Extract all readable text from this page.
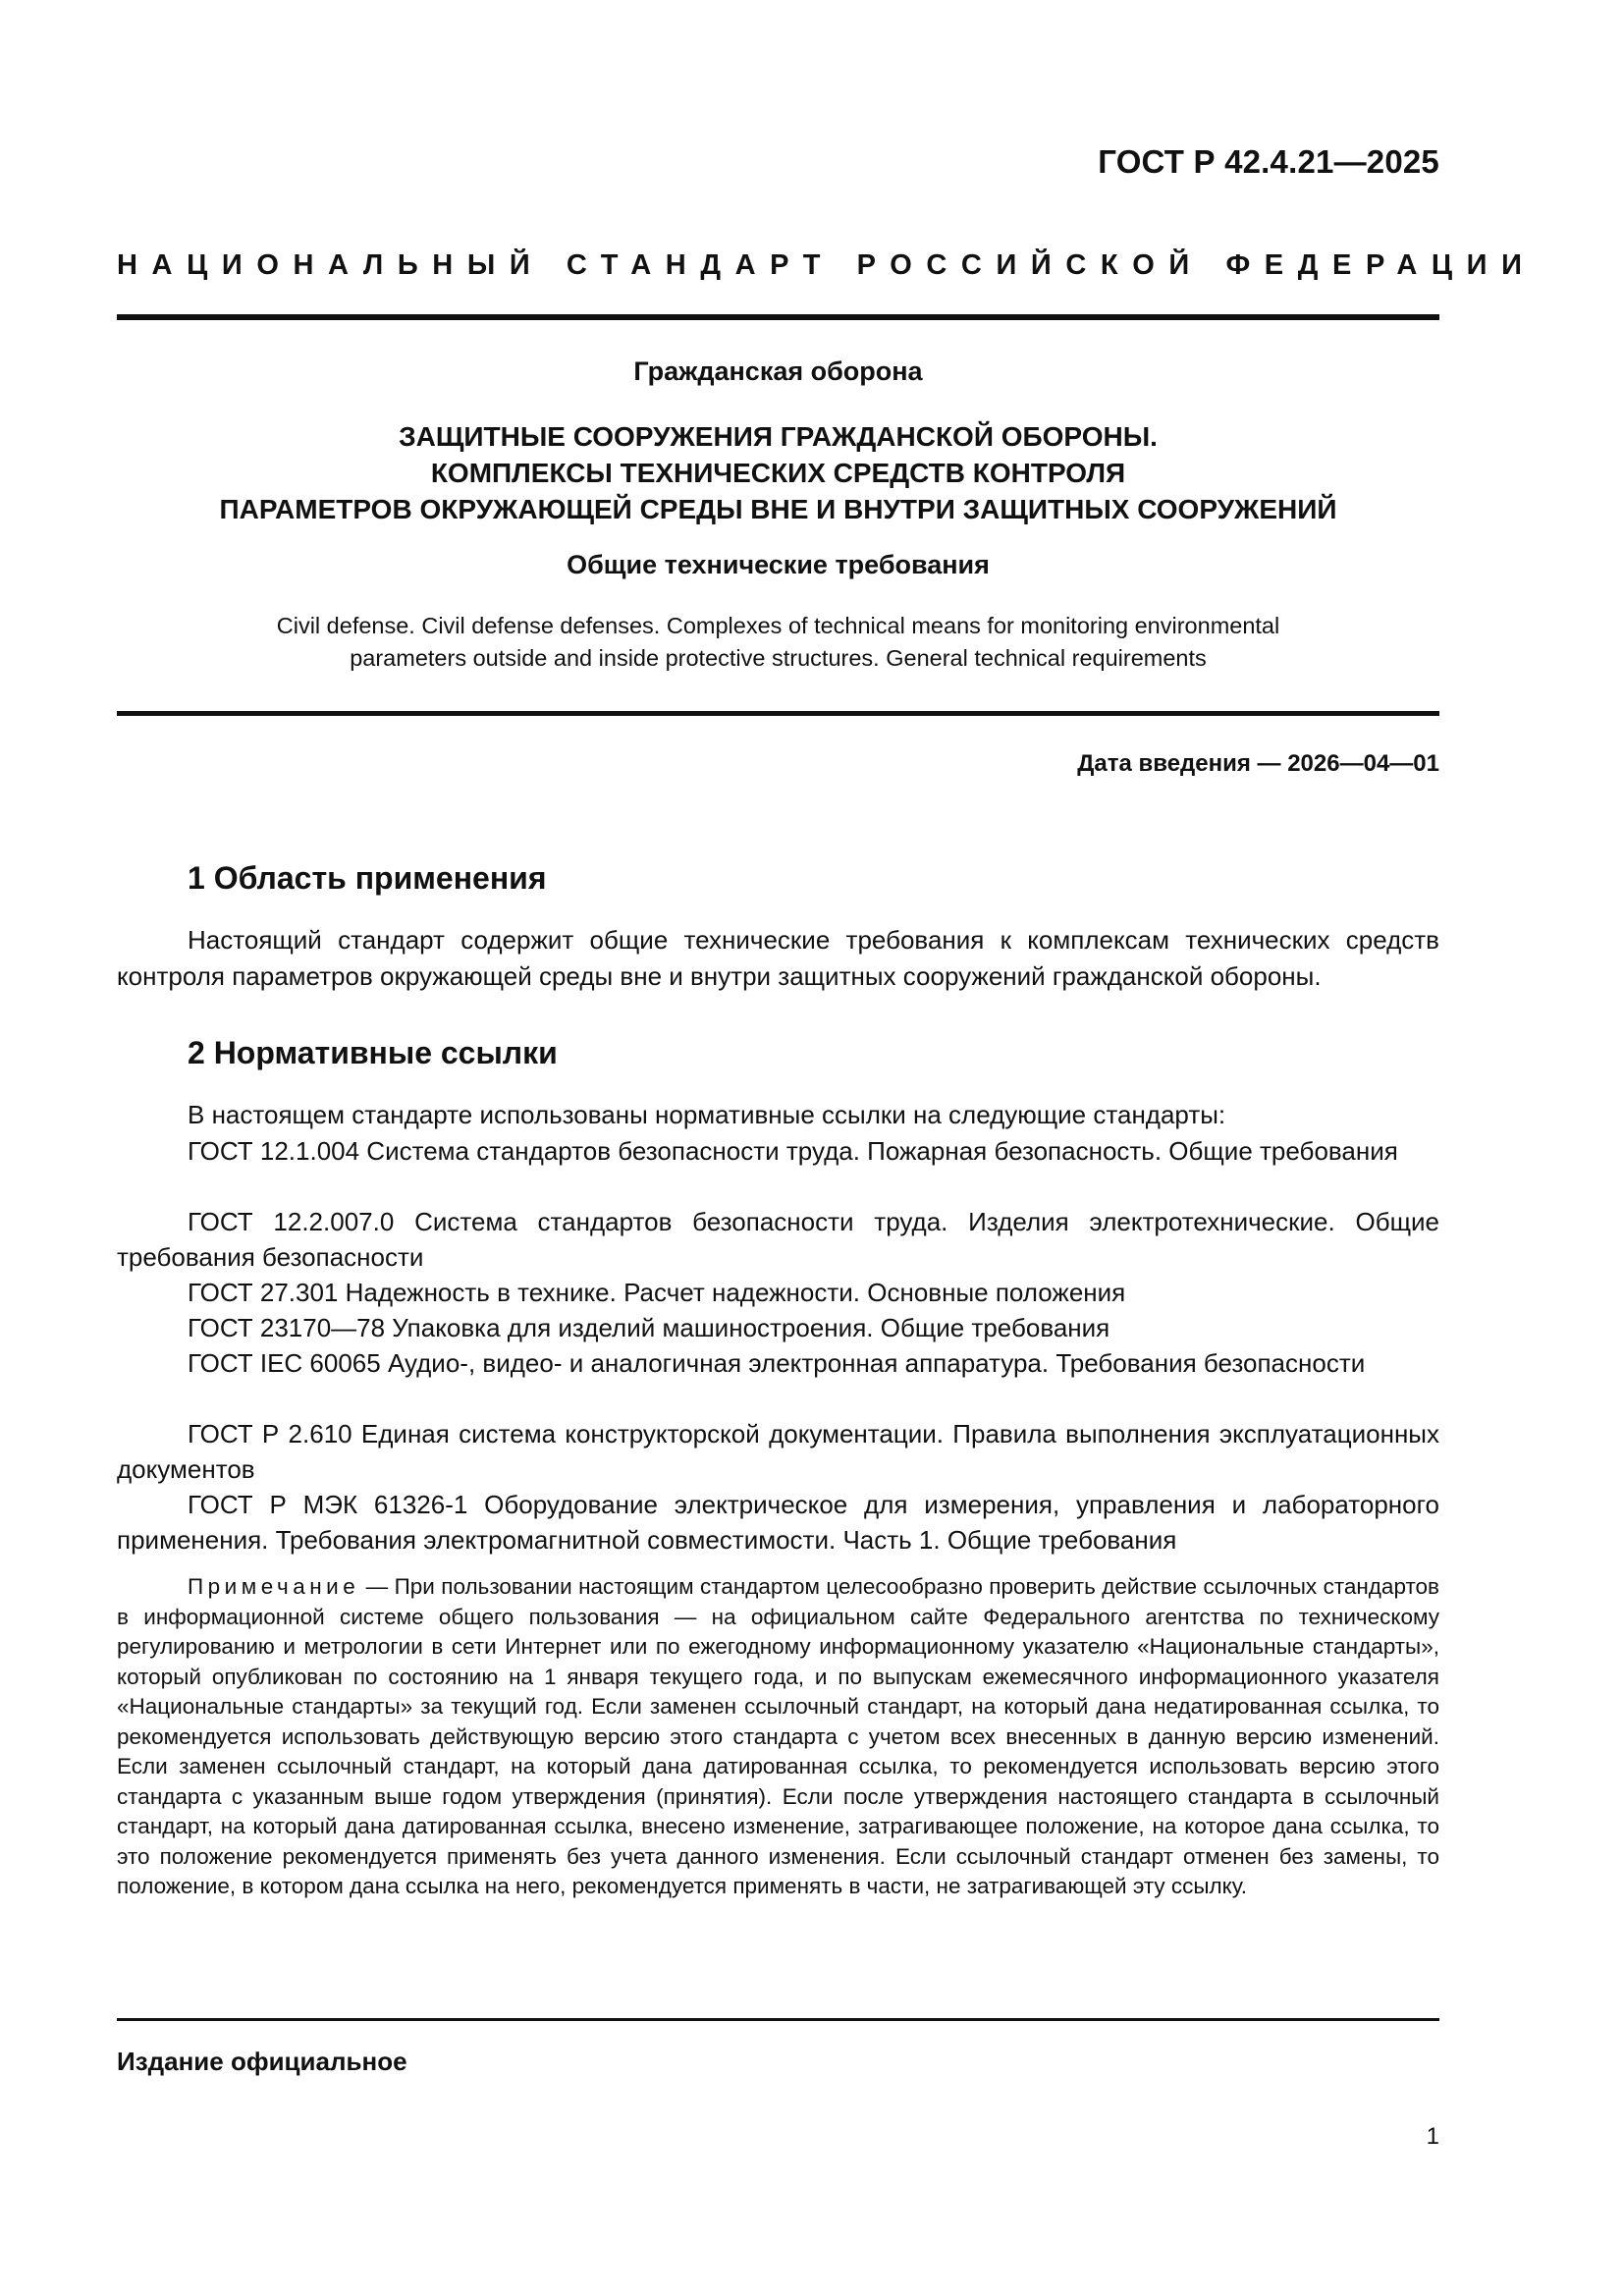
ГОСТ Р 42.4.21—2025
НАЦИОНАЛЬНЫЙ СТАНДАРТ РОССИЙСКОЙ ФЕДЕРАЦИИ
Гражданская оборона
ЗАЩИТНЫЕ СООРУЖЕНИЯ ГРАЖДАНСКОЙ ОБОРОНЫ.
КОМПЛЕКСЫ ТЕХНИЧЕСКИХ СРЕДСТВ КОНТРОЛЯ
ПАРАМЕТРОВ ОКРУЖАЮЩЕЙ СРЕДЫ ВНЕ И ВНУТРИ ЗАЩИТНЫХ СООРУЖЕНИЙ
Общие технические требования
Civil defense. Civil defense defenses. Complexes of technical means for monitoring environmental
parameters outside and inside protective structures. General technical requirements
Дата введения — 2026—04—01
1 Область применения
Настоящий стандарт содержит общие технические требования к комплексам технических средств контроля параметров окружающей среды вне и внутри защитных сооружений гражданской обороны.
2 Нормативные ссылки
В настоящем стандарте использованы нормативные ссылки на следующие стандарты:
ГОСТ 12.1.004 Система стандартов безопасности труда. Пожарная безопасность. Общие требования
ГОСТ 12.2.007.0 Система стандартов безопасности труда. Изделия электротехнические. Общие требования безопасности
ГОСТ 27.301 Надежность в технике. Расчет надежности. Основные положения
ГОСТ 23170—78 Упаковка для изделий машиностроения. Общие требования
ГОСТ IEC 60065 Аудио-, видео- и аналогичная электронная аппаратура. Требования безопасности
ГОСТ Р 2.610 Единая система конструкторской документации. Правила выполнения эксплуатационных документов
ГОСТ Р МЭК 61326-1 Оборудование электрическое для измерения, управления и лабораторного применения. Требования электромагнитной совместимости. Часть 1. Общие требования
Примечание — При пользовании настоящим стандартом целесообразно проверить действие ссылочных стандартов в информационной системе общего пользования — на официальном сайте Федерального агентства по техническому регулированию и метрологии в сети Интернет или по ежегодному информационному указателю «Национальные стандарты», который опубликован по состоянию на 1 января текущего года, и по выпускам ежемесячного информационного указателя «Национальные стандарты» за текущий год. Если заменен ссылочный стандарт, на который дана недатированная ссылка, то рекомендуется использовать действующую версию этого стандарта с учетом всех внесенных в данную версию изменений. Если заменен ссылочный стандарт, на который дана датированная ссылка, то рекомендуется использовать версию этого стандарта с указанным выше годом утверждения (принятия). Если после утверждения настоящего стандарта в ссылочный стандарт, на который дана датированная ссылка, внесено изменение, затрагивающее положение, на которое дана ссылка, то это положение рекомендуется применять без учета данного изменения. Если ссылочный стандарт отменен без замены, то положение, в котором дана ссылка на него, рекомендуется применять в части, не затрагивающей эту ссылку.
Издание официальное
1
